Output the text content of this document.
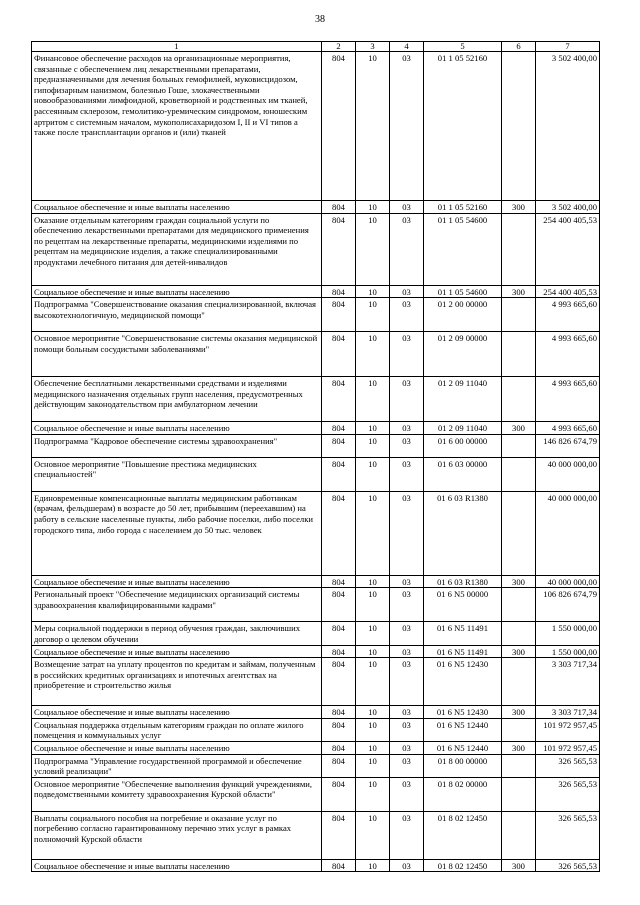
38
1	2	3	4	5	6	7
Финансовое обеспечение расходов на организационные мероприятия, связанные с обеспечением лиц лекарственными препаратами, предназначенными для лечения больных гемофилией, муковисцидозом, гипофизарным нанизмом, болезнью Гоше, злокачественными новообразованиями лимфоидной, кроветворной и родственных им тканей, рассеянным склерозом, гемолитико-уремическим синдромом, юношеским артритом с системным началом, мукополисахаридозом I, II и VI типов а также после трансплантации органов и (или) тканей	804	10	03	01 1 05 52160		3 502 400,00
Социальное обеспечение и иные выплаты населению	804	10	03	01 1 05 52160	300	3 502 400,00
Оказание отдельным категориям граждан социальной услуги по обеспечению лекарственными препаратами для медицинского применения по рецептам на лекарственные препараты, медицинскими изделиями по рецептам на медицинские изделия, а также специализированными продуктами лечебного питания для детей-инвалидов	804	10	03	01 1 05 54600		254 400 405,53
Социальное обеспечение и иные выплаты населению	804	10	03	01 1 05 54600	300	254 400 405,53
Подпрограмма "Совершенствование оказания специализированной, включая высокотехнологичную, медицинской помощи"	804	10	03	01 2 00 00000		4 993 665,60
Основное мероприятие "Совершенствование системы оказания медицинской помощи больным сосудистыми заболеваниями"	804	10	03	01 2 09 00000		4 993 665,60
Обеспечение бесплатными лекарственными средствами и изделиями медицинского назначения отдельных групп населения, предусмотренных действующим законодательством при амбулаторном лечении	804	10	03	01 2 09 11040		4 993 665,60
Социальное обеспечение и иные выплаты населению	804	10	03	01 2 09 11040	300	4 993 665,60
Подпрограмма "Кадровое обеспечение системы здравоохранения"	804	10	03	01 6 00 00000		146 826 674,79
Основное мероприятие "Повышение престижа медицинских специальностей"	804	10	03	01 6 03 00000		40 000 000,00
Единовременные компенсационные выплаты медицинским работникам (врачам, фельдшерам) в возрасте до 50 лет, прибывшим (переехавшим) на работу в сельские населенные пункты, либо рабочие поселки, либо поселки городского типа, либо города с населением до 50 тыс. человек	804	10	03	01 6 03 R1380		40 000 000,00
Социальное обеспечение и иные выплаты населению	804	10	03	01 6 03 R1380	300	40 000 000,00
Региональный проект "Обеспечение медицинских организаций системы здравоохранения квалифицированными кадрами"	804	10	03	01 6 N5 00000		106 826 674,79
Меры социальной поддержки в период обучения граждан, заключивших договор о целевом обучении	804	10	03	01 6 N5 11491		1 550 000,00
Социальное обеспечение и иные выплаты населению	804	10	03	01 6 N5 11491	300	1 550 000,00
Возмещение затрат на уплату процентов по кредитам и займам, полученным в российских кредитных организациях и ипотечных агентствах на приобретение и строительство жилья	804	10	03	01 6 N5 12430		3 303 717,34
Социальное обеспечение и иные выплаты населению	804	10	03	01 6 N5 12430	300	3 303 717,34
Социальная поддержка отдельным категориям граждан по оплате жилого помещения и коммунальных услуг	804	10	03	01 6 N5 12440		101 972 957,45
Социальное обеспечение и иные выплаты населению	804	10	03	01 6 N5 12440	300	101 972 957,45
Подпрограмма "Управление государственной программой и обеспечение условий реализации"	804	10	03	01 8 00 00000		326 565,53
Основное мероприятие "Обеспечение выполнения функций учреждениями, подведомственными комитету здравоохранения Курской области"	804	10	03	01 8 02 00000		326 565,53
Выплаты социального пособия на погребение и оказание услуг по погребению согласно гарантированному перечню этих услуг в рамках полномочий Курской области	804	10	03	01 8 02 12450		326 565,53
Социальное обеспечение и иные выплаты населению	804	10	03	01 8 02 12450	300	326 565,53
